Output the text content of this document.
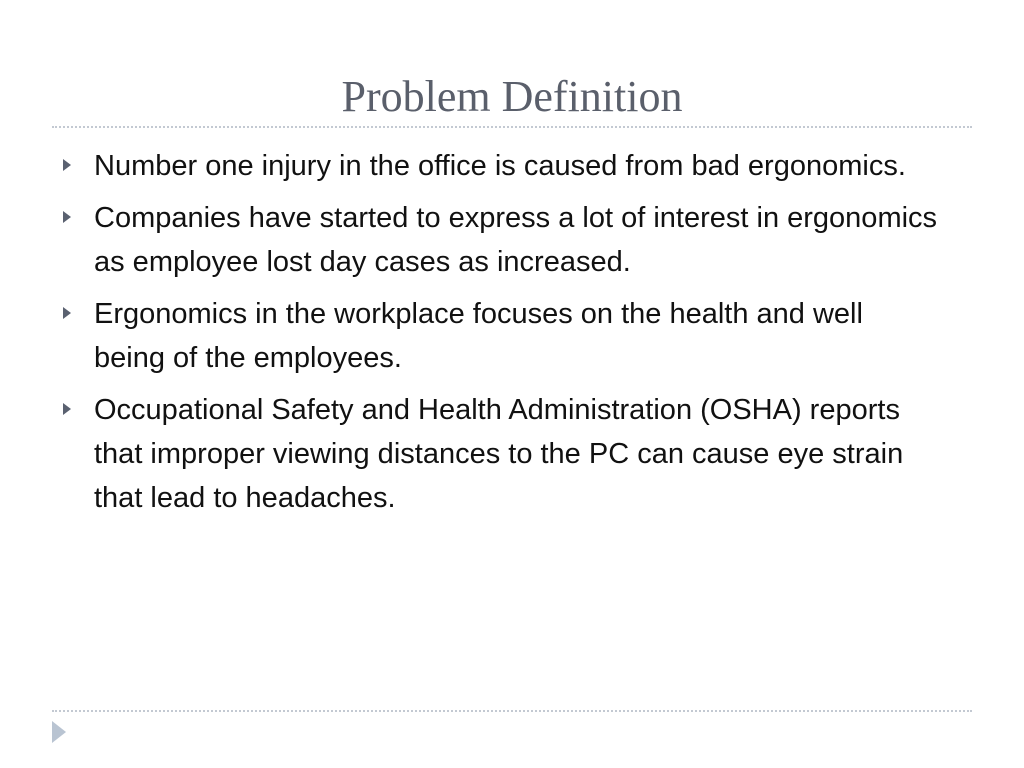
Problem Definition
Number one injury in the office is caused from bad ergonomics.
Companies have started to express a lot of interest in ergonomics as employee lost day cases as increased.
Ergonomics in the workplace focuses on the health and well being of the employees.
Occupational Safety and Health Administration (OSHA) reports that improper viewing distances to the PC can cause eye strain that lead to headaches.
